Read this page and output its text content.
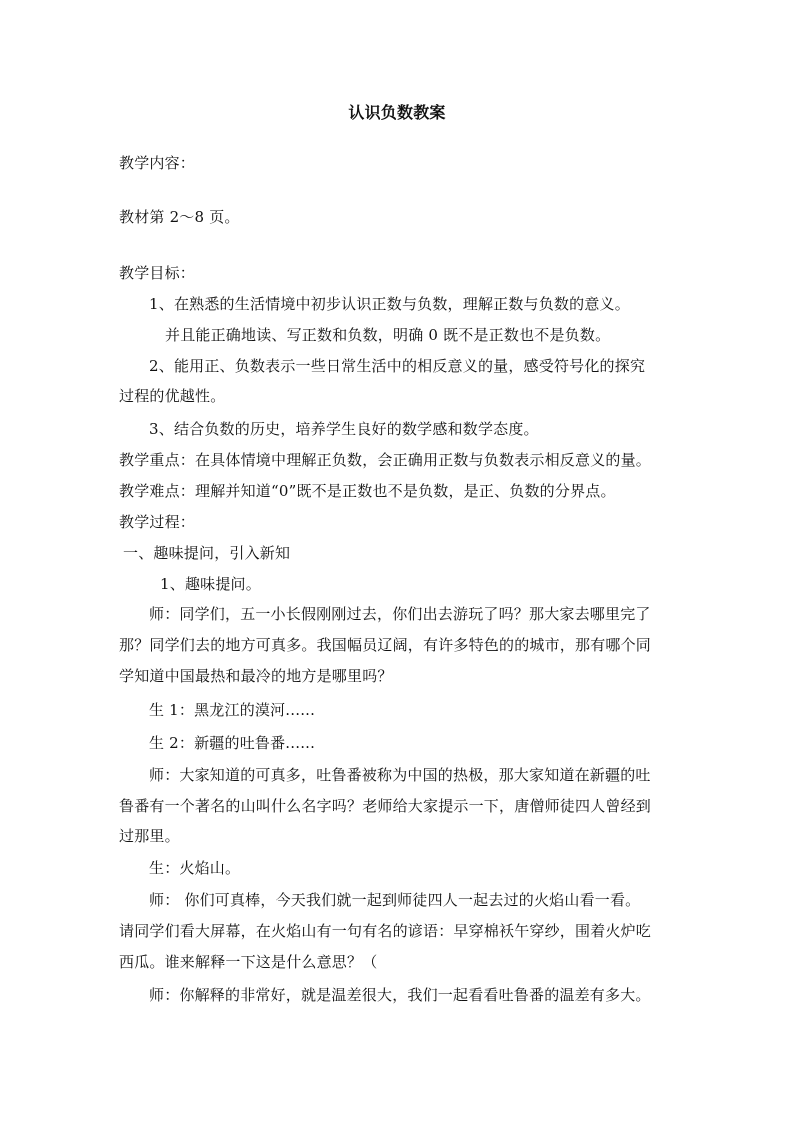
认识负数教案
教学内容：
教材第 2～8 页。
教学目标：
1、在熟悉的生活情境中初步认识正数与负数，理解正数与负数的意义。
并且能正确地读、写正数和负数，明确 0 既不是正数也不是负数。
2、能用正、负数表示一些日常生活中的相反意义的量，感受符号化的探究
过程的优越性。
3、结合负数的历史，培养学生良好的数学感和数学态度。
教学重点：在具体情境中理解正负数，会正确用正数与负数表示相反意义的量。
教学难点：理解并知道“0”既不是正数也不是负数，是正、负数的分界点。
教学过程：
一、趣味提问，引入新知
1、趣味提问。
师：同学们，五一小长假刚刚过去，你们出去游玩了吗？那大家去哪里完了
那？同学们去的地方可真多。我国幅员辽阔，有许多特色的的城市，那有哪个同
学知道中国最热和最冷的地方是哪里吗？
生 1：黑龙江的漠河......
生 2：新疆的吐鲁番......
师：大家知道的可真多，吐鲁番被称为中国的热极，那大家知道在新疆的吐
鲁番有一个著名的山叫什么名字吗？老师给大家提示一下，唐僧师徒四人曾经到
过那里。
生：火焰山。
师： 你们可真棒，今天我们就一起到师徒四人一起去过的火焰山看一看。
请同学们看大屏幕，在火焰山有一句有名的谚语：早穿棉袄午穿纱，围着火炉吃
西瓜。谁来解释一下这是什么意思？（
师：你解释的非常好，就是温差很大，我们一起看看吐鲁番的温差有多大。
